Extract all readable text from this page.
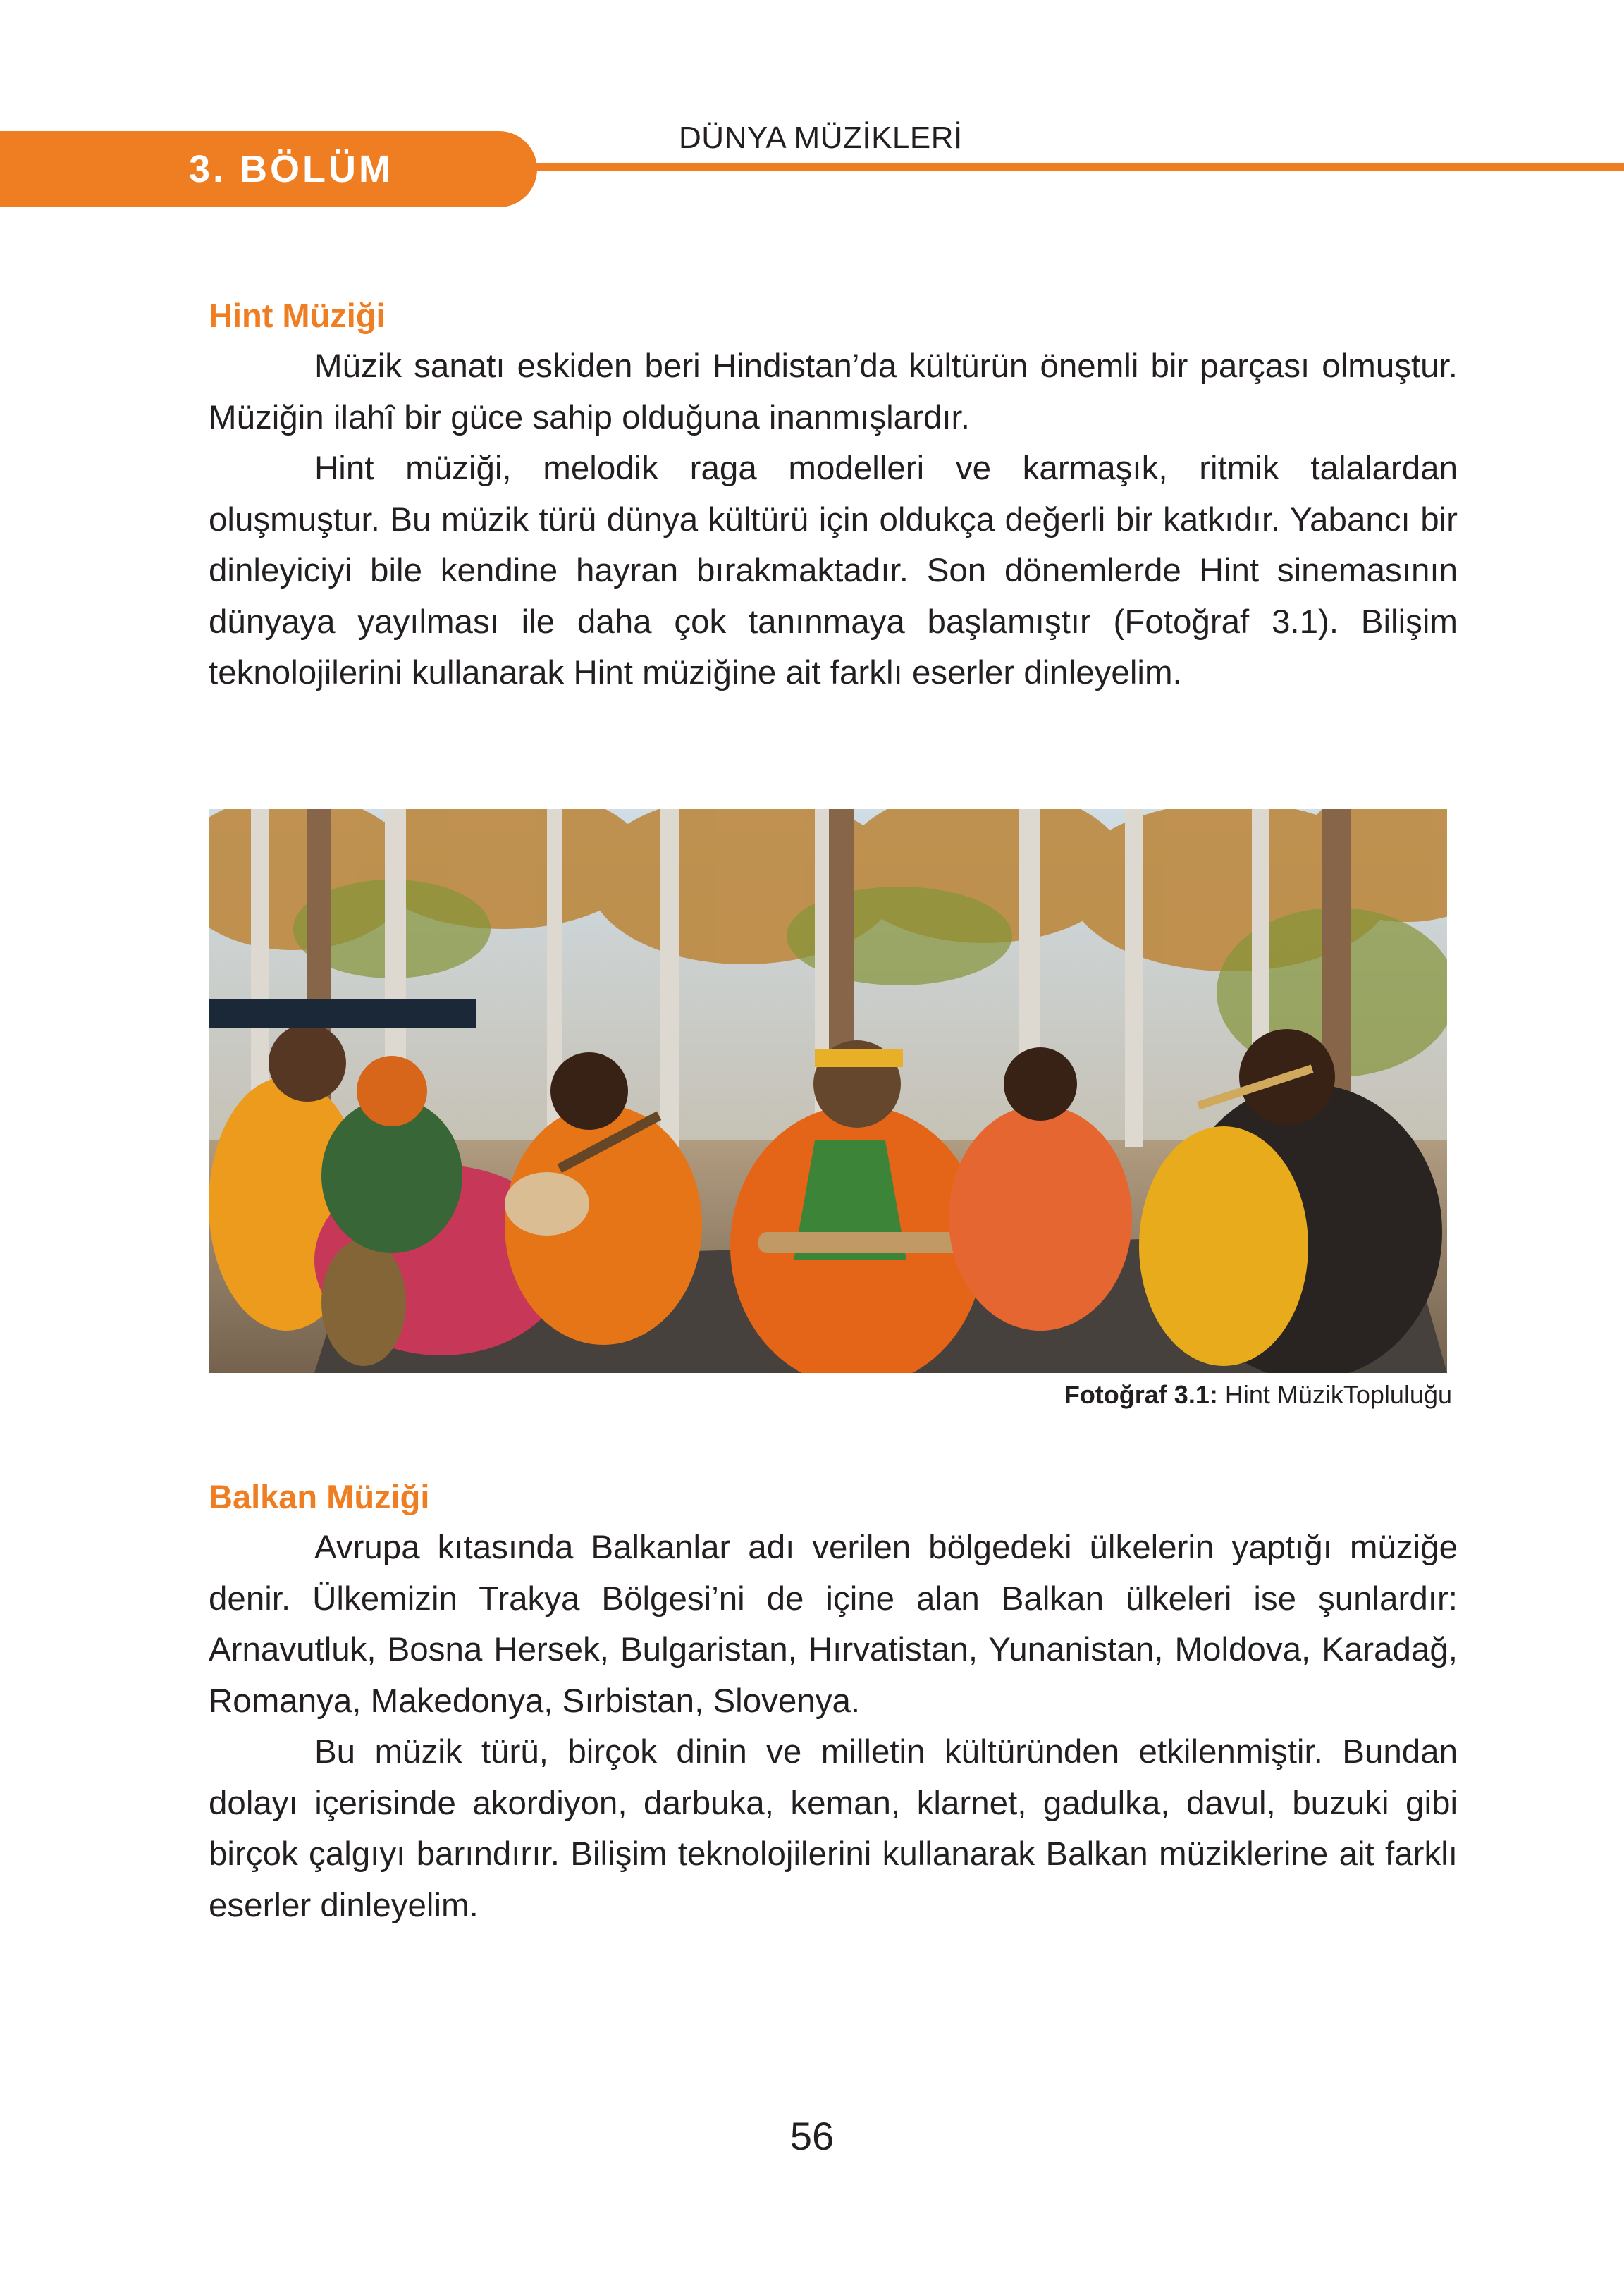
3. BÖLÜM
DÜNYA MÜZİKLERİ
Hint Müziği

Müzik sanatı eskiden beri Hindistan’da kültürün önemli bir parçası olmuştur. Müziğin ilahî bir güce sahip olduğuna inanmışlardır.

Hint müziği, melodik raga modelleri ve karmaşık, ritmik talalardan oluşmuştur. Bu müzik türü dünya kültürü için oldukça değerli bir katkıdır. Yabancı bir dinleyiciyi bile kendine hayran bırakmaktadır. Son dönemlerde Hint sinemasının dünyaya yayılması ile daha çok tanınmaya başlamıştır (Fotoğraf 3.1). Bilişim teknolojilerini kullanarak Hint müziğine ait farklı eserler dinleyelim.

Fotoğraf 3.1: Hint MüzikTopluluğu
Balkan Müziği

Avrupa kıtasında Balkanlar adı verilen bölgedeki ülkelerin yaptığı müziğe denir. Ülkemizin Trakya Bölgesi’ni de içine alan Balkan ülkeleri ise şunlardır: Arnavutluk, Bosna Hersek, Bulgaristan, Hırvatistan, Yunanistan, Moldova, Karadağ, Romanya, Makedonya, Sırbistan, Slovenya.

Bu müzik türü, birçok dinin ve milletin kültüründen etkilenmiştir. Bundan dolayı içerisinde akordiyon, darbuka, keman, klarnet, gadulka, davul, buzuki gibi birçok çalgıyı barındırır. Bilişim teknolojilerini kullanarak Balkan müziklerine ait farklı eserler dinleyelim.

56
